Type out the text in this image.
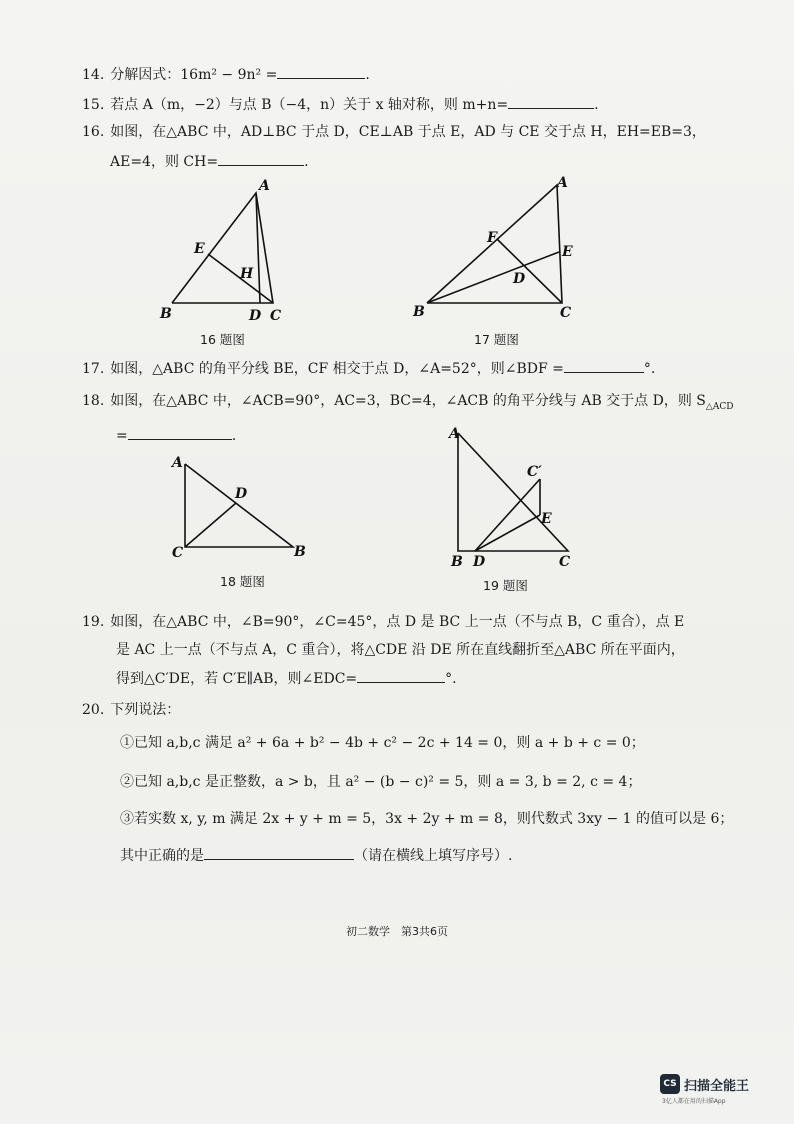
14. 分解因式：16m² − 9n² =	.
15. 若点 A（m，−2）与点 B（−4，n）关于 x 轴对称，则 m+n=	.
16. 如图，在△ABC 中，AD⊥BC 于点 D，CE⊥AB 于点 E，AD 与 CE 交于点 H，EH=EB=3，
AE=4，则 CH=	.
A
B	C
D
E
H
16 题图
A
B	C
D
E
F
17 题图
17. 如图，△ABC 的角平分线 BE，CF 相交于点 D，∠A=52°，则∠BDF =	°.
18. 如图，在△ABC 中，∠ACB=90°，AC=3，BC=4，∠ACB 的角平分线与 AB 交于点 D，则 $S_{\triangle ACD}$
=	.
A
C	B
D
18 题图
A
B D	C
E
C′
19 题图
19. 如图，在△ABC 中，∠B=90°，∠C=45°，点 D 是 BC 上一点（不与点 B，C 重合），点 E
是 AC 上一点（不与点 A，C 重合），将△CDE 沿 DE 所在直线翻折至△ABC 所在平面内，
得到△C′DE，若 C′E∥AB，则∠EDC=	°.
20. 下列说法：
①已知 a,b,c 满足 a² + 6a + b² − 4b + c² − 2c + 14 = 0，则 a + b + c = 0；
②已知 a,b,c 是正整数，a > b，且 a² − (b − c)² = 5，则 a = 3, b = 2, c = 4；
③若实数 x, y, m 满足 2x + y + m = 5，3x + 2y + m = 8，则代数式 3xy − 1 的值可以是 6；
其中正确的是	（请在横线上填写序号）.
初二数学　第3共6页
CS 扫描全能王
3亿人都在用的扫描App
